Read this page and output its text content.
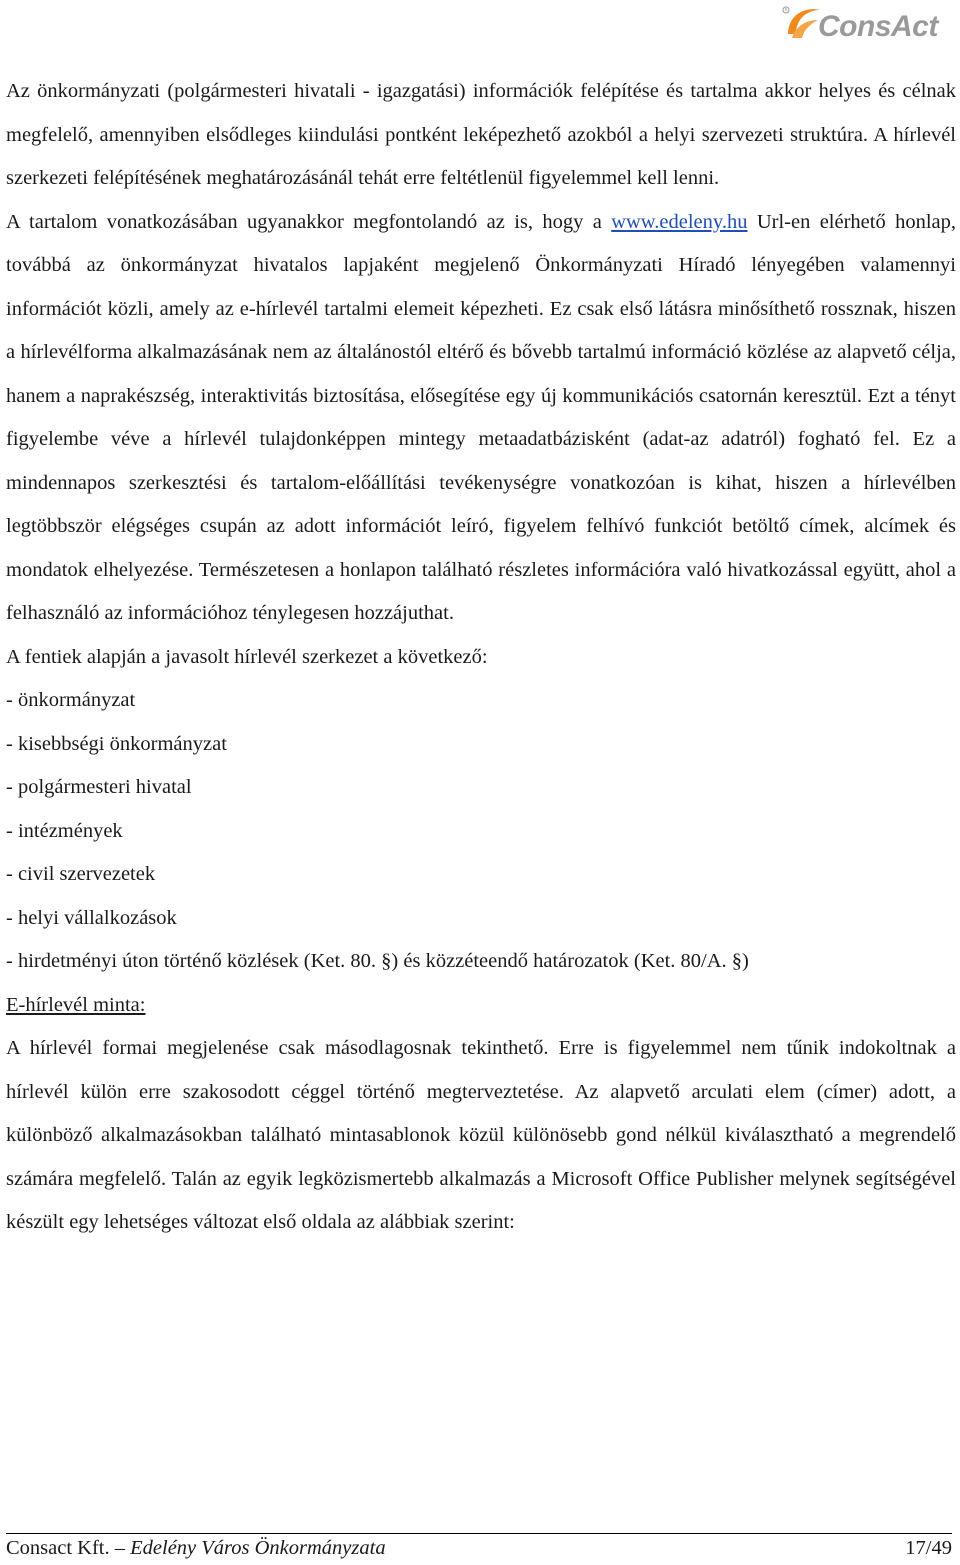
R ConsAct

Az önkormányzati (polgármesteri hivatali - igazgatási) információk felépítése és tartalma akkor helyes és célnak megfelelő, amennyiben elsődleges kiindulási pontként leképezhető azokból a helyi szervezeti struktúra. A hírlevél szerkezeti felépítésének meghatározásánál tehát erre feltétlenül figyelemmel kell lenni.

A tartalom vonatkozásában ugyanakkor megfontolandó az is, hogy a www.edeleny.hu Url-en elérhető honlap, továbbá az önkormányzat hivatalos lapjaként megjelenő Önkormányzati Híradó lényegében valamennyi információt közli, amely az e-hírlevél tartalmi elemeit képezheti. Ez csak első látásra minősíthető rossznak, hiszen a hírlevélforma alkalmazásának nem az általánostól eltérő és bővebb tartalmú információ közlése az alapvető célja, hanem a naprakészség, interaktivitás biztosítása, elősegítése egy új kommunikációs csatornán keresztül. Ezt a tényt figyelembe véve a hírlevél tulajdonképpen mintegy metaadatbázisként (adat-az adatról) fogható fel. Ez a mindennapos szerkesztési és tartalom-előállítási tevékenységre vonatkozóan is kihat, hiszen a hírlevélben legtöbbször elégséges csupán az adott információt leíró, figyelem felhívó funkciót betöltő címek, alcímek és mondatok elhelyezése. Természetesen a honlapon található részletes információra való hivatkozással együtt, ahol a felhasználó az információhoz ténylegesen hozzájuthat.

A fentiek alapján a javasolt hírlevél szerkezet a következő:

- önkormányzat
- kisebbségi önkormányzat
- polgármesteri hivatal
- intézmények
- civil szervezetek
- helyi vállalkozások
- hirdetményi úton történő közlések (Ket. 80. §) és közzéteendő határozatok (Ket. 80/A. §)
E-hírlevél minta:

A hírlevél formai megjelenése csak másodlagosnak tekinthető. Erre is figyelemmel nem tűnik indokoltnak a hírlevél külön erre szakosodott céggel történő megterveztetése. Az alapvető arculati elem (címer) adott, a különböző alkalmazásokban található mintasablonok közül különösebb gond nélkül kiválasztható a megrendelő számára megfelelő. Talán az egyik legközismertebb alkalmazás a Microsoft Office Publisher melynek segítségével készült egy lehetséges változat első oldala az alábbiak szerint:

Consact Kft. – Edelény Város Önkormányzata	17/49
